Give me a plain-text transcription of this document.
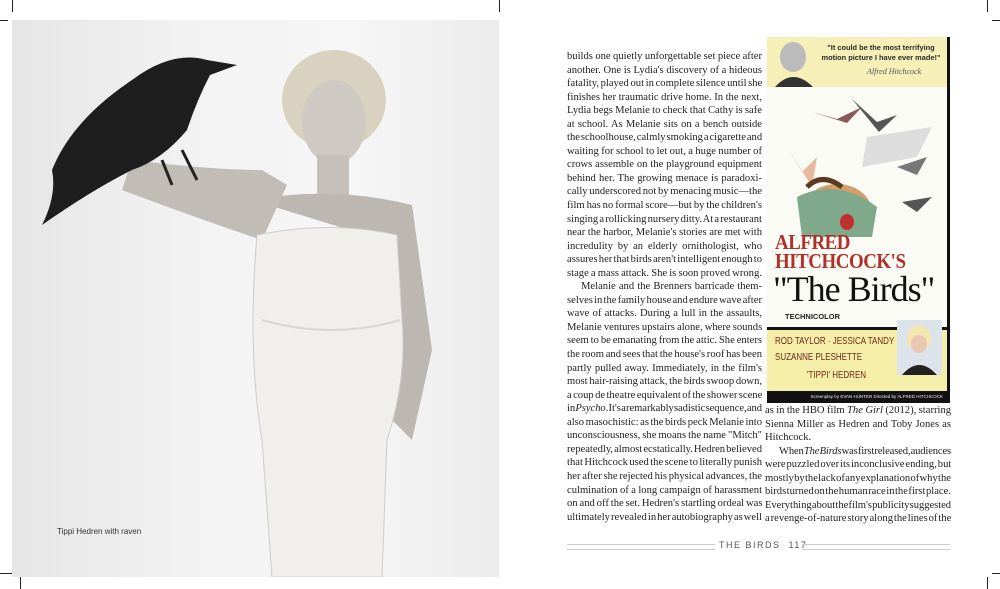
Tippi Hedren with raven
builds one quietly unforgettable set piece after
another. One is Lydia's discovery of a hideous
fatality, played out in complete silence until she
finishes her traumatic drive home. In the next,
Lydia begs Melanie to check that Cathy is safe
at school. As Melanie sits on a bench outside
the schoolhouse, calmly smoking a cigarette and
waiting for school to let out, a huge number of
crows assemble on the playground equipment
behind her. The growing menace is paradoxi-
cally underscored not by menacing music—the
film has no formal score—but by the children's
singing a rollicking nursery ditty. At a restaurant
near the harbor, Melanie's stories are met with
incredulity by an elderly ornithologist, who
assures her that birds aren't intelligent enough to
stage a mass attack. She is soon proved wrong.
Melanie and the Brenners barricade them-
selves in the family house and endure wave after
wave of attacks. During a lull in the assaults,
Melanie ventures upstairs alone, where sounds
seem to be emanating from the attic. She enters
the room and sees that the house's roof has been
partly pulled away. Immediately, in the film's
most hair-raising attack, the birds swoop down,
a coup de theatre equivalent of the shower scene
in Psycho. It's a remarkably sadistic sequence, and
also masochistic: as the birds peck Melanie into
unconsciousness, she moans the name "Mitch"
repeatedly, almost ecstatically. Hedren believed
that Hitchcock used the scene to literally punish
her after she rejected his physical advances, the
culmination of a long campaign of harassment
on and off the set. Hedren's startling ordeal was
ultimately revealed in her autobiography as well
"It could be the most terrifying motion picture I have ever made!"
Alfred Hitchcock
ALFRED
HITCHCOCK'S
"The Birds"
TECHNICOLOR
ROD TAYLOR · JESSICA TANDY
SUZANNE PLESHETTE
'TIPPI' HEDREN
Screenplay by EVAN HUNTER Directed by ALFRED HITCHCOCK
as in the HBO film The Girl (2012), starring
Sienna Miller as Hedren and Toby Jones as
Hitchcock.
When The Birds was first released, audiences
were puzzled over its inconclusive ending, but
mostly by the lack of any explanation of why the
birds turned on the human race in the first place.
Everything about the film's publicity suggested
a revenge-of-nature story along the lines of the
THE BIRDS 117
